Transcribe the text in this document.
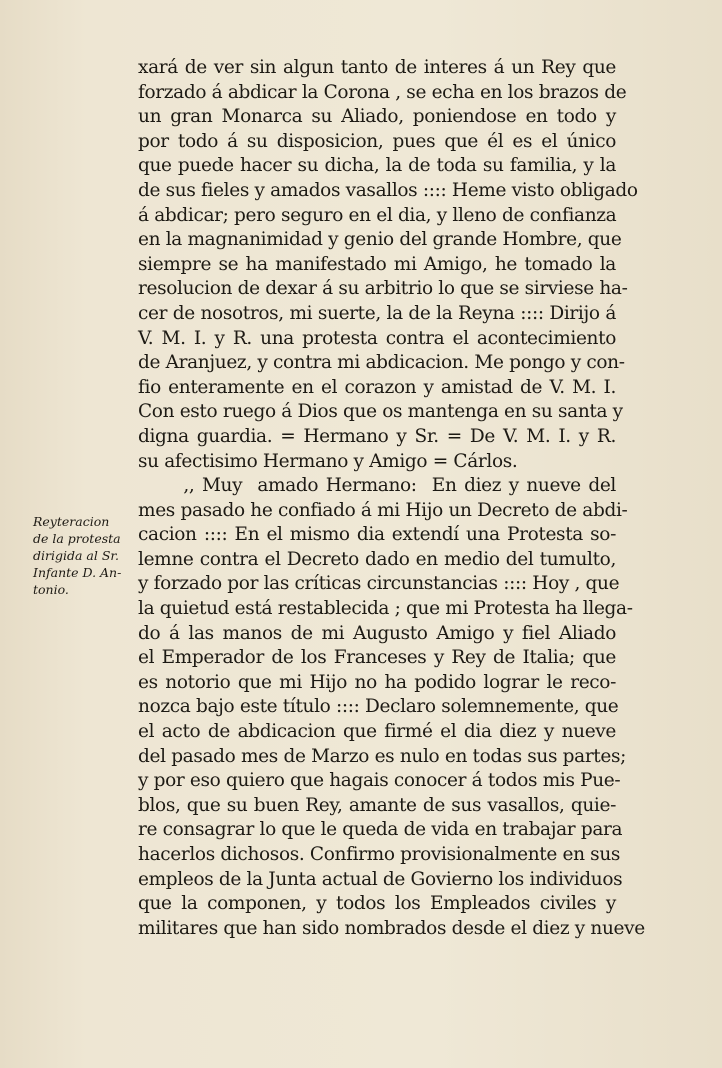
xará de ver sin algun tanto de interes á un Rey que
forzado á abdicar la Corona , se echa en los brazos de
un gran Monarca su Aliado, poniendose en todo y
por todo á su disposicion, pues que él es el único
que puede hacer su dicha, la de toda su familia, y la
de sus fieles y amados vasallos :::: Heme visto obligado
á abdicar; pero seguro en el dia, y lleno de confianza
en la magnanimidad y genio del grande Hombre, que
siempre se ha manifestado mi Amigo, he tomado la
resolucion de dexar á su arbitrio lo que se sirviese ha-
cer de nosotros, mi suerte, la de la Reyna :::: Dirijo á
V. M. I. y R. una protesta contra el acontecimiento
de Aranjuez, y contra mi abdicacion. Me pongo y con-
fio enteramente en el corazon y amistad de V. M. I.
Con esto ruego á Dios que os mantenga en su santa y
digna guardia. = Hermano y Sr. = De V. M. I. y R.
su afectisimo Hermano y Amigo = Cárlos.
,, Muy  amado Hermano:  En diez y nueve del
mes pasado he confiado á mi Hijo un Decreto de abdi-
cacion :::: En el mismo dia extendí una Protesta so-
lemne contra el Decreto dado en medio del tumulto,
y forzado por las críticas circunstancias :::: Hoy , que
la quietud está restablecida ; que mi Protesta ha llega-
do á las manos de mi Augusto Amigo y fiel Aliado
el Emperador de los Franceses y Rey de Italia; que
es notorio que mi Hijo no ha podido lograr le reco-
nozca bajo este título :::: Declaro solemnemente, que
el acto de abdicacion que firmé el dia diez y nueve
del pasado mes de Marzo es nulo en todas sus partes;
y por eso quiero que hagais conocer á todos mis Pue-
blos, que su buen Rey, amante de sus vasallos, quie-
re consagrar lo que le queda de vida en trabajar para
hacerlos dichosos. Confirmo provisionalmente en sus
empleos de la Junta actual de Govierno los individuos
que la componen, y todos los Empleados civiles y
militares que han sido nombrados desde el diez y nueve
Reyteracion
de la protesta
dirigida al Sr.
Infante D. An-
tonio.
